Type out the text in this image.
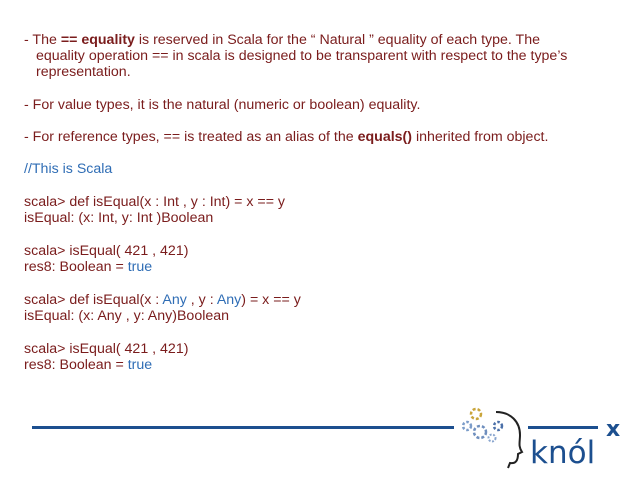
- The == equality is reserved in Scala for the “ Natural ” equality of each type. The
equality operation == in scala is designed to be transparent with respect to the type’s
representation.
- For value types, it is the natural (numeric or boolean) equality.
- For reference types, == is treated as an alias of the equals() inherited from object.
//This is Scala
scala> def isEqual(x : Int , y : Int) = x == y
isEqual: (x: Int, y: Int )Boolean
scala> isEqual( 421 , 421)
res8: Boolean = true
scala> def isEqual(x : Any , y : Any) = x == y
isEqual: (x: Any , y: Any)Boolean
scala> isEqual( 421 , 421)
res8: Boolean = true
knól
x
